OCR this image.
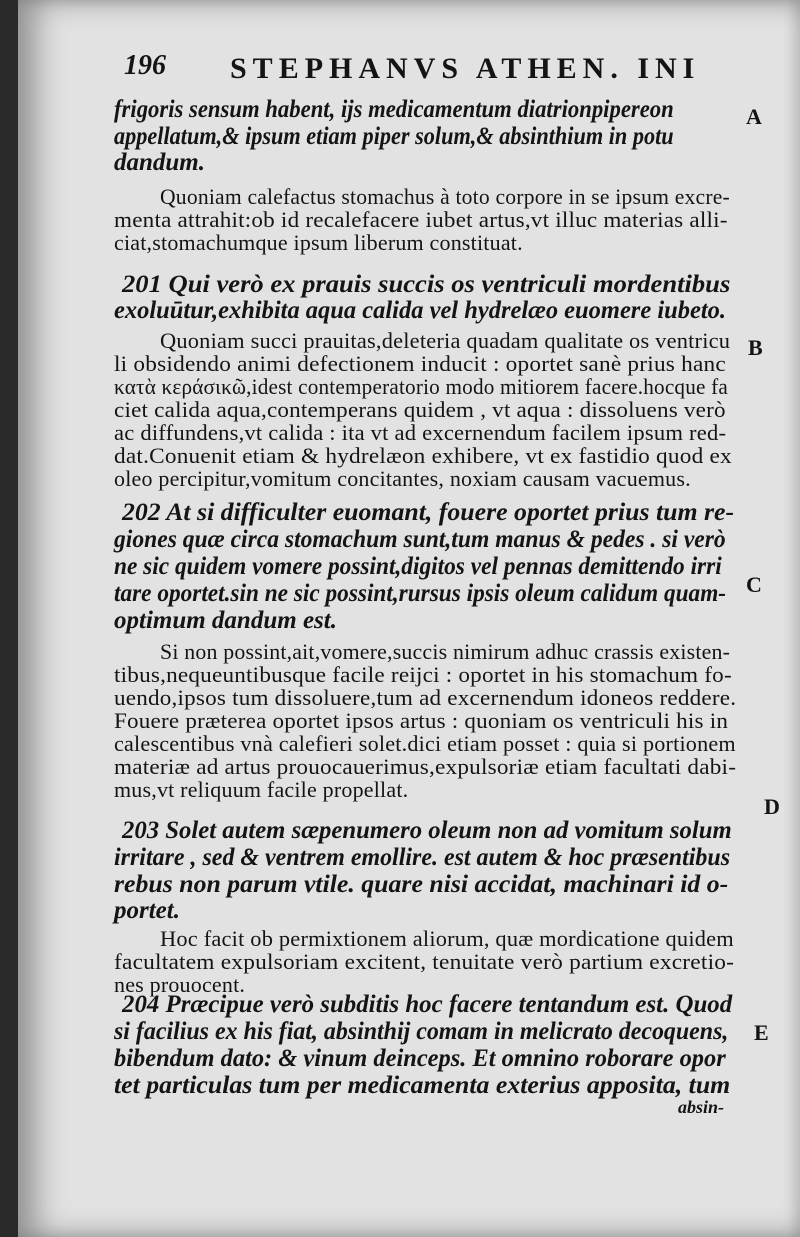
196 STEPHANVS ATHEN. INI
A
B
C
D
E
frigoris sensum habent, ijs medicamentum diatrionpipereon
appellatum,& ipsum etiam piper solum,& absinthium in potu
dandum.
Quoniam calefactus stomachus à toto corpore in se ipsum excre-
menta attrahit:ob id recalefacere iubet artus,vt illuc materias alli-
ciat,stomachumque ipsum liberum constituat.
201 Qui verò ex prauis succis os ventriculi mordentibus
exoluūtur,exhibita aqua calida vel hydrelæo euomere iubeto.
Quoniam succi prauitas,deleteria quadam qualitate os ventricu
li obsidendo animi defectionem inducit : oportet sanè prius hanc
κατὰ κεράσικῶ,idest contemperatorio modo mitiorem facere.hocque fa
ciet calida aqua,contemperans quidem , vt aqua : dissoluens verò
ac diffundens,vt calida : ita vt ad excernendum facilem ipsum red-
dat.Conuenit etiam & hydrelæon exhibere, vt ex fastidio quod ex
oleo percipitur,vomitum concitantes, noxiam causam vacuemus.
202 At si difficulter euomant, fouere oportet prius tum re-
giones quæ circa stomachum sunt,tum manus & pedes . si verò
ne sic quidem vomere possint,digitos vel pennas demittendo irri
tare oportet.sin ne sic possint,rursus ipsis oleum calidum quam-
optimum dandum est.
Si non possint,ait,vomere,succis nimirum adhuc crassis existen-
tibus,nequeuntibusque facile reijci : oportet in his stomachum fo-
uendo,ipsos tum dissoluere,tum ad excernendum idoneos reddere.
Fouere præterea oportet ipsos artus : quoniam os ventriculi his in
calescentibus vnà calefieri solet.dici etiam posset : quia si portionem
materiæ ad artus prouocauerimus,expulsoriæ etiam facultati dabi-
mus,vt reliquum facile propellat.
203 Solet autem sæpenumero oleum non ad vomitum solum
irritare , sed & ventrem emollire. est autem & hoc præsentibus
rebus non parum vtile. quare nisi accidat, machinari id o-
portet.
Hoc facit ob permixtionem aliorum, quæ mordicatione quidem
facultatem expulsoriam excitent, tenuitate verò partium excretio-
nes prouocent.
204 Præcipue verò subditis hoc facere tentandum est. Quod
si facilius ex his fiat, absinthij comam in melicrato decoquens,
bibendum dato: & vinum deinceps. Et omnino roborare opor
tet particulas tum per medicamenta exterius apposita, tum
absin-
